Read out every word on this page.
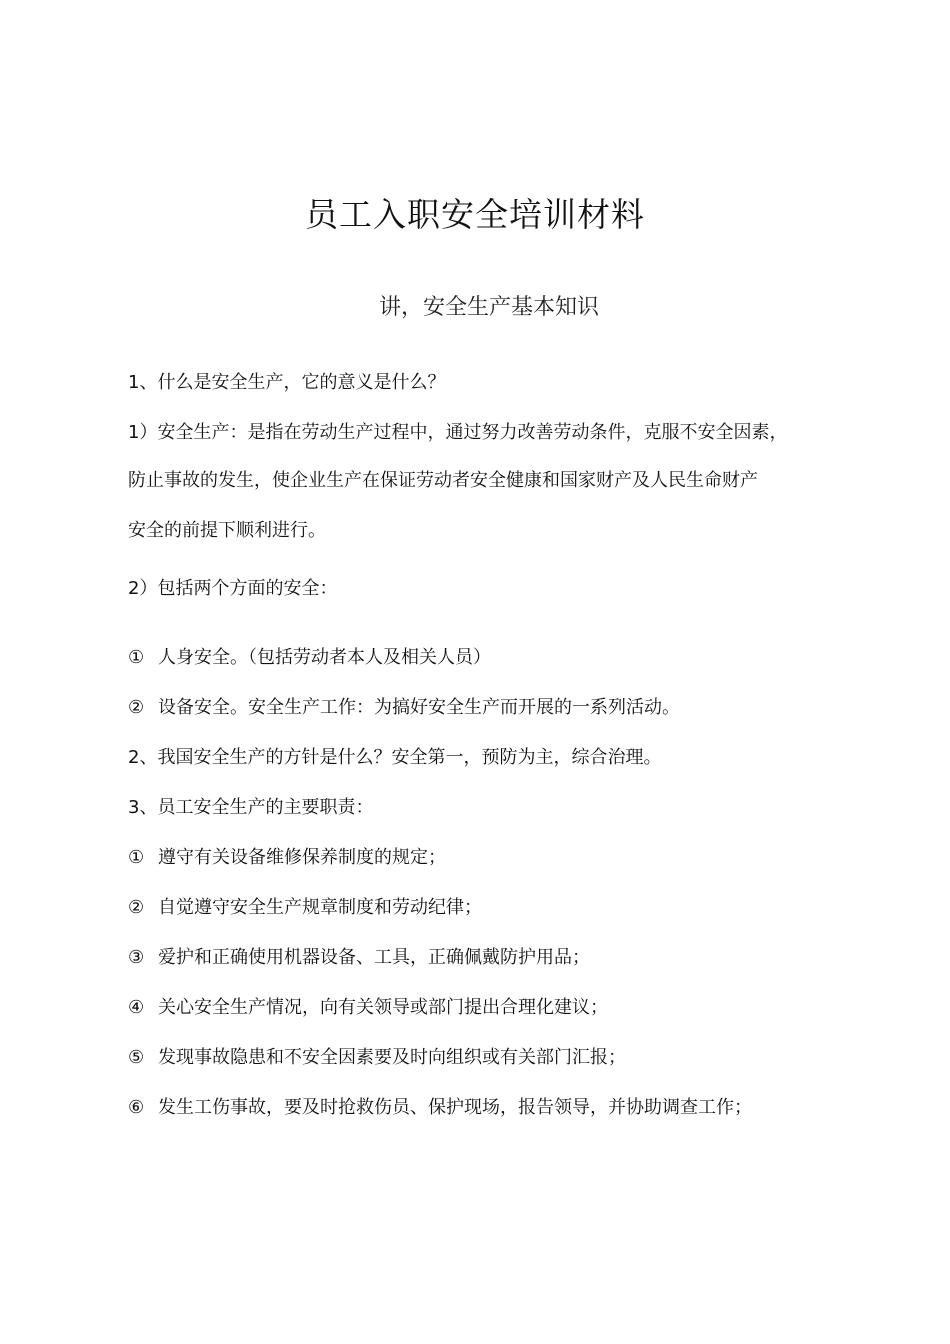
员工入职安全培训材料
讲，安全生产基本知识
1、什么是安全生产，它的意义是什么？
1）安全生产：是指在劳动生产过程中，通过努力改善劳动条件，克服不安全因素，
防止事故的发生，使企业生产在保证劳动者安全健康和国家财产及人民生命财产
安全的前提下顺利进行。
2）包括两个方面的安全：
① 人身安全。（包括劳动者本人及相关人员）
② 设备安全。安全生产工作：为搞好安全生产而开展的一系列活动。
2、我国安全生产的方针是什么？安全第一，预防为主，综合治理。
3、员工安全生产的主要职责：
① 遵守有关设备维修保养制度的规定；
② 自觉遵守安全生产规章制度和劳动纪律；
③ 爱护和正确使用机器设备、工具，正确佩戴防护用品；
④ 关心安全生产情况，向有关领导或部门提出合理化建议；
⑤ 发现事故隐患和不安全因素要及时向组织或有关部门汇报；
⑥ 发生工伤事故，要及时抢救伤员、保护现场，报告领导，并协助调查工作；
